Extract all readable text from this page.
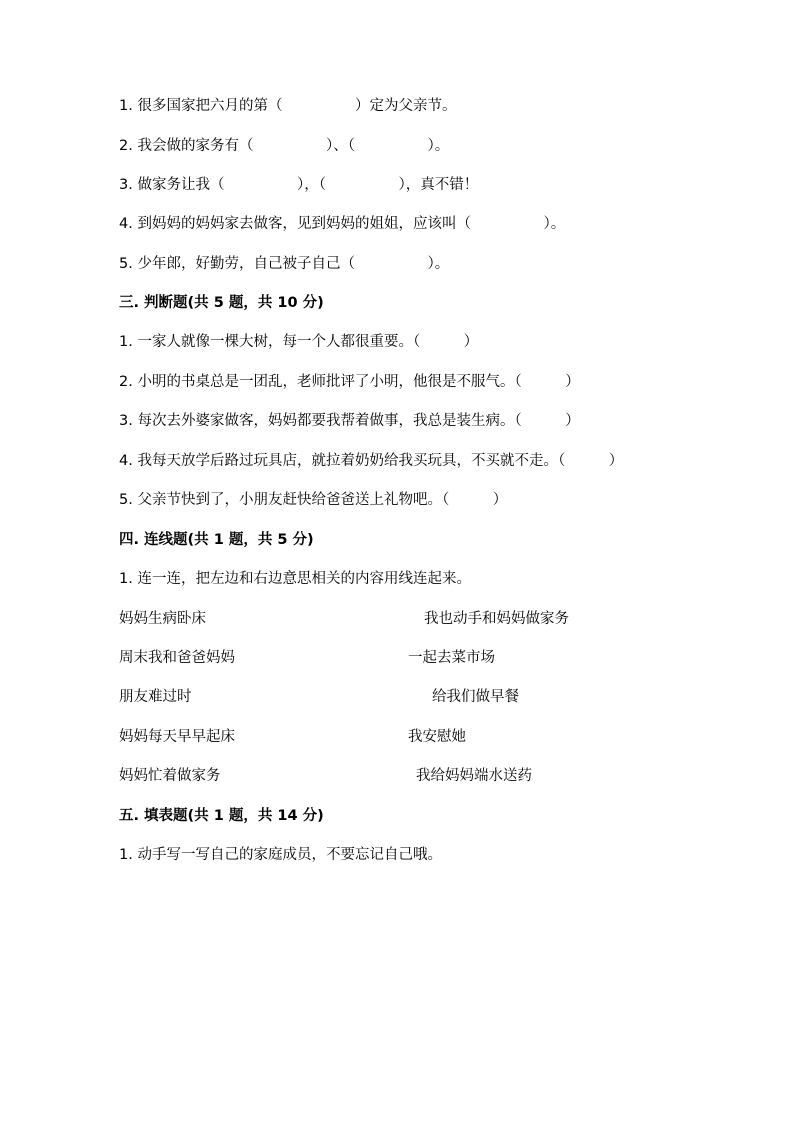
1. 很多国家把六月的第（　　　　　）定为父亲节。
2. 我会做的家务有（　　　　　）、（　　　　　）。
3. 做家务让我（　　　　　），（　　　　　），真不错！
4. 到妈妈的妈妈家去做客，见到妈妈的姐姐，应该叫（　　　　　）。
5. 少年郎，好勤劳，自己被子自己（　　　　　）。
三. 判断题(共 5 题，共 10 分)
1. 一家人就像一棵大树，每一个人都很重要。（　　　）
2. 小明的书桌总是一团乱，老师批评了小明，他很是不服气。（　　　）
3. 每次去外婆家做客，妈妈都要我帮着做事，我总是装生病。（　　　）
4. 我每天放学后路过玩具店，就拉着奶奶给我买玩具，不买就不走。（　　　）
5. 父亲节快到了，小朋友赶快给爸爸送上礼物吧。（　　　）
四. 连线题(共 1 题，共 5 分)
1. 连一连，把左边和右边意思相关的内容用线连起来。
妈妈生病卧床	我也动手和妈妈做家务
周末我和爸爸妈妈	一起去菜市场
朋友难过时	给我们做早餐
妈妈每天早早起床	我安慰她
妈妈忙着做家务	我给妈妈端水送药
五. 填表题(共 1 题，共 14 分)
1. 动手写一写自己的家庭成员，不要忘记自己哦。
